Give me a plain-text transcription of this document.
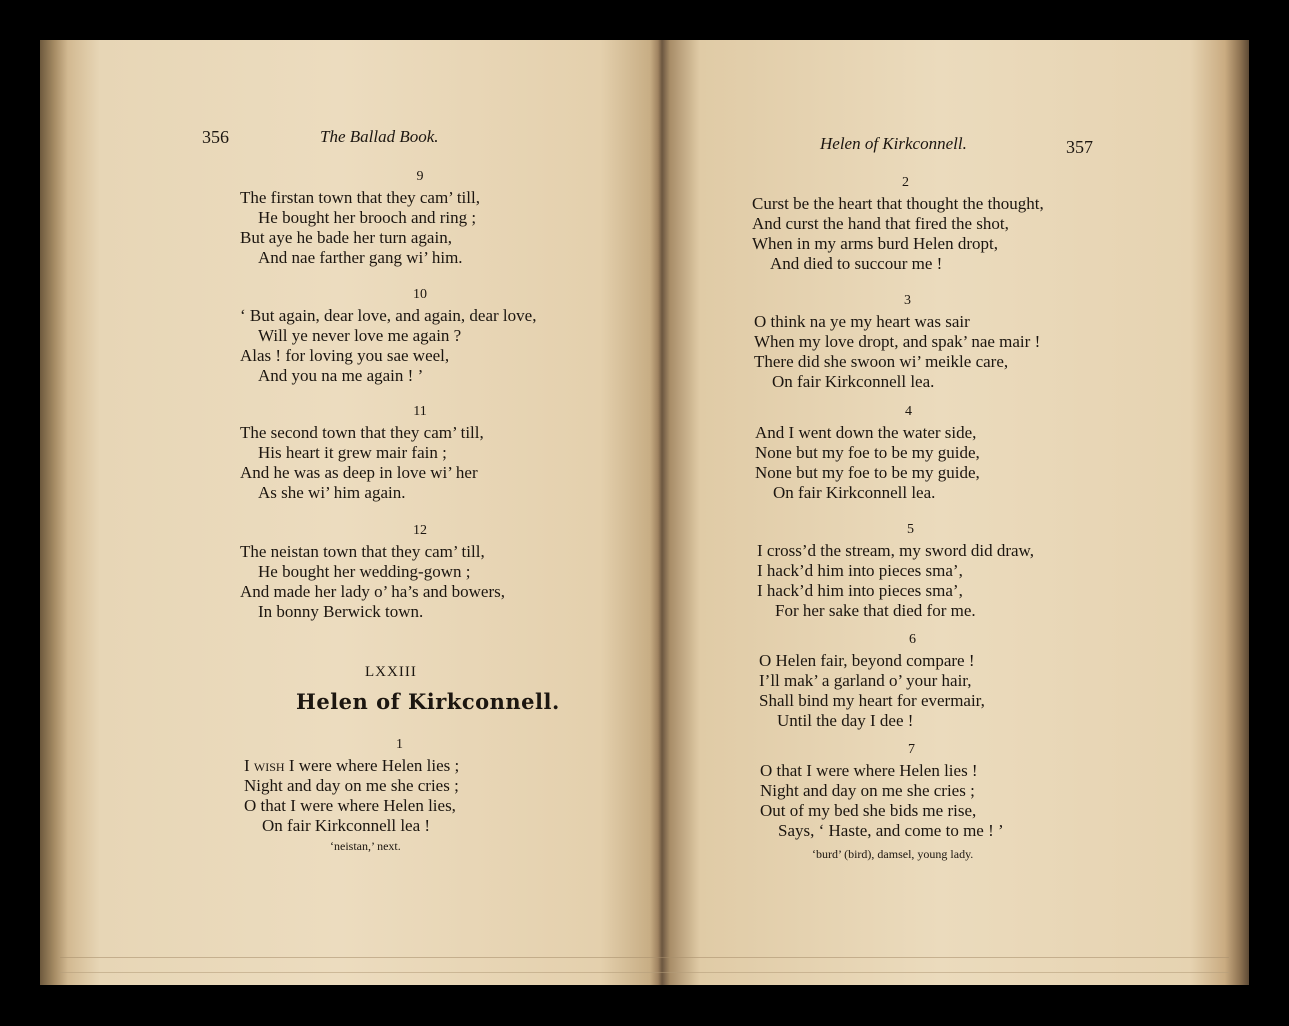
356	The Ballad Book.
9
The firstan town that they cam’ till,
He bought her brooch and ring ;
But aye he bade her turn again,
And nae farther gang wi’ him.
10
‘ But again, dear love, and again, dear love,
Will ye never love me again ?
Alas ! for loving you sae weel,
And you na me again ! ’
11
The second town that they cam’ till,
His heart it grew mair fain ;
And he was as deep in love wi’ her
As she wi’ him again.
12
The neistan town that they cam’ till,
He bought her wedding-gown ;
And made her lady o’ ha’s and bowers,
In bonny Berwick town.
LXXIII
Helen of Kirkconnell.
1
I wish I were where Helen lies ;
Night and day on me she cries ;
O that I were where Helen lies,
On fair Kirkconnell lea !
‘neistan,’ next.
Helen of Kirkconnell.	357
2
Curst be the heart that thought the thought,
And curst the hand that fired the shot,
When in my arms burd Helen dropt,
And died to succour me !
3
O think na ye my heart was sair
When my love dropt, and spak’ nae mair !
There did she swoon wi’ meikle care,
On fair Kirkconnell lea.
4
And I went down the water side,
None but my foe to be my guide,
None but my foe to be my guide,
On fair Kirkconnell lea.
5
I cross’d the stream, my sword did draw,
I hack’d him into pieces sma’,
I hack’d him into pieces sma’,
For her sake that died for me.
6
O Helen fair, beyond compare !
I’ll mak’ a garland o’ your hair,
Shall bind my heart for evermair,
Until the day I dee !
7
O that I were where Helen lies !
Night and day on me she cries ;
Out of my bed she bids me rise,
Says, ‘ Haste, and come to me ! ’
‘burd’ (bird), damsel, young lady.
